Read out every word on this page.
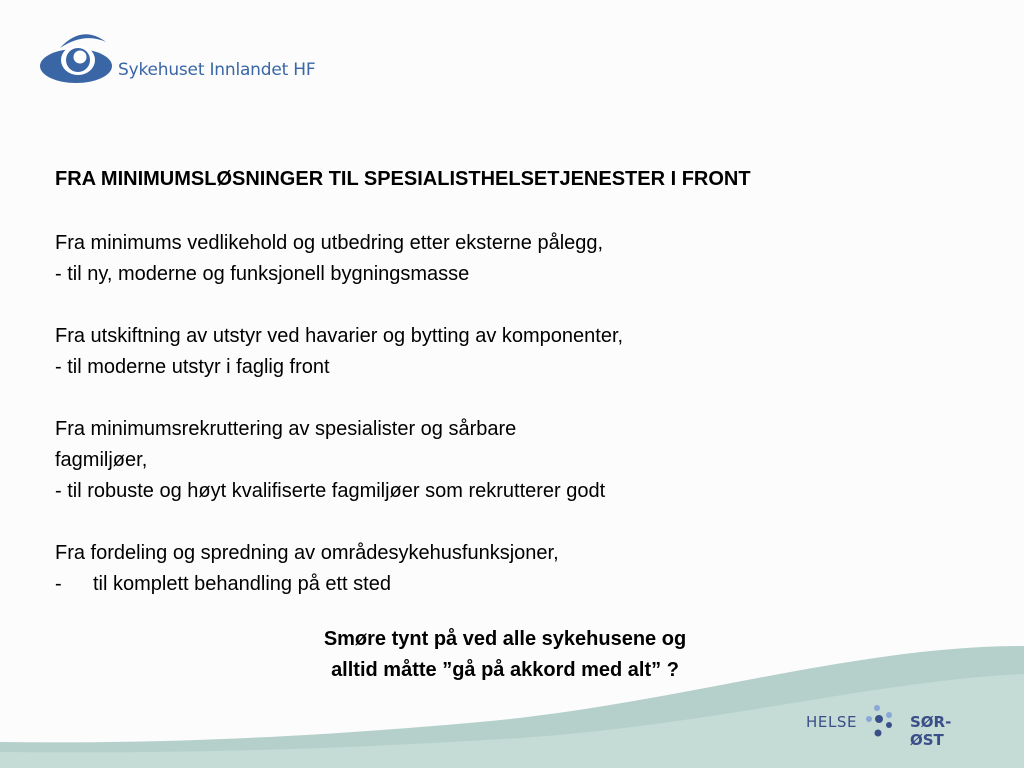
Sykehuset Innlandet HF
FRA MINIMUMSLØSNINGER TIL SPESIALISTHELSETJENESTER I FRONT
Fra minimums vedlikehold og utbedring etter eksterne pålegg,
- til ny, moderne og funksjonell bygningsmasse
Fra utskiftning av utstyr ved havarier og bytting av komponenter,
- til moderne utstyr i faglig front
Fra minimumsrekruttering av spesialister og sårbare
fagmiljøer,
- til robuste og høyt kvalifiserte fagmiljøer som rekrutterer godt
Fra fordeling og spredning av områdesykehusfunksjoner,
-	til komplett behandling på ett sted
Smøre tynt på ved alle sykehusene og
alltid måtte ”gå på akkord med alt” ?
HELSE	SØR-ØST
